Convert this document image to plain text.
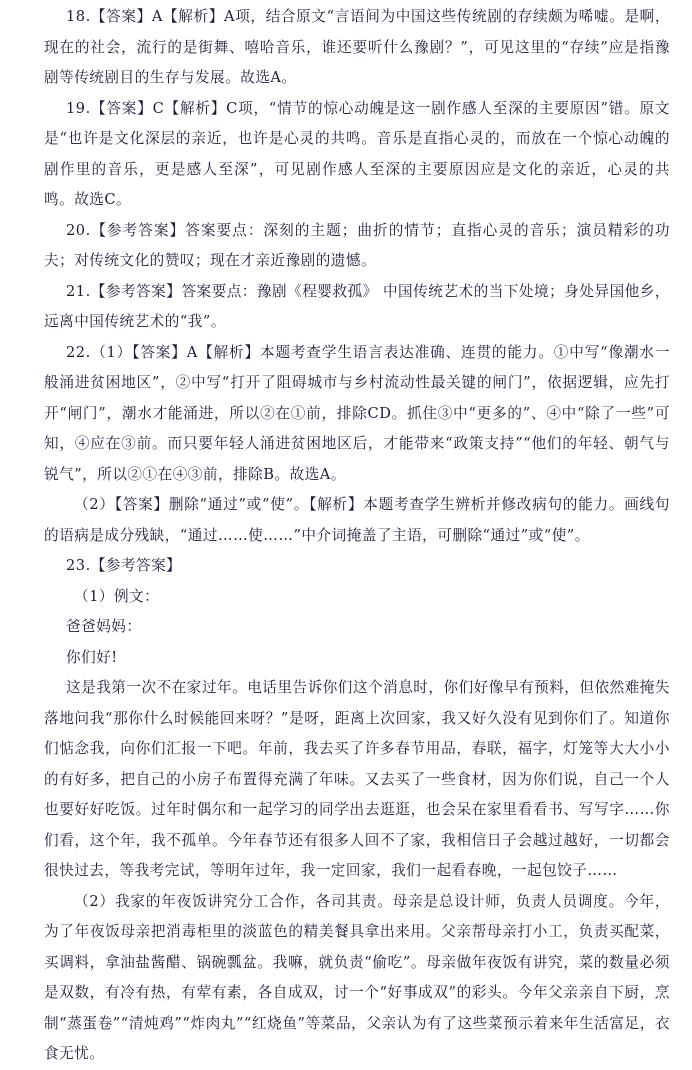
18.【答案】A【解析】A项，结合原文“言语间为中国这些传统剧的存续颇为唏嘘。是啊，现在的社会，流行的是街舞、嘻哈音乐，谁还要听什么豫剧？”，可见这里的“存续”应是指豫剧等传统剧目的生存与发展。故选A。

19.【答案】C【解析】C项，“情节的惊心动魄是这一剧作感人至深的主要原因”错。原文是“也许是文化深层的亲近，也许是心灵的共鸣。音乐是直指心灵的，而放在一个惊心动魄的剧作里的音乐，更是感人至深”，可见剧作感人至深的主要原因应是文化的亲近，心灵的共鸣。故选C。

20.【参考答案】答案要点：深刻的主题；曲折的情节；直指心灵的音乐；演员精彩的功夫；对传统文化的赞叹；现在才亲近豫剧的遗憾。

21.【参考答案】答案要点：豫剧《程婴救孤》 中国传统艺术的当下处境；身处异国他乡，远离中国传统艺术的“我”。

22.（1）【答案】A【解析】本题考查学生语言表达准确、连贯的能力。①中写“像潮水一般涌进贫困地区”，②中写“打开了阻碍城市与乡村流动性最关键的闸门”，依据逻辑，应先打开“闸门”，潮水才能涌进，所以②在①前，排除CD。抓住③中“更多的”、④中“除了一些”可知，④应在③前。而只要年轻人涌进贫困地区后，才能带来“政策支持”“他们的年轻、朝气与锐气”，所以②①在④③前，排除B。故选A。

（2）【答案】删除“通过”或“使”。【解析】本题考查学生辨析并修改病句的能力。画线句的语病是成分残缺，“通过……使……”中介词掩盖了主语，可删除“通过”或“使”。

23.【参考答案】

（1）例文：

爸爸妈妈：

你们好!

这是我第一次不在家过年。电话里告诉你们这个消息时，你们好像早有预料，但依然难掩失落地问我“那你什么时候能回来呀？”是呀，距离上次回家，我又好久没有见到你们了。知道你们惦念我，向你们汇报一下吧。年前，我去买了许多春节用品，春联，福字，灯笼等大大小小的有好多，把自己的小房子布置得充满了年味。又去买了一些食材，因为你们说，自己一个人也要好好吃饭。过年时偶尔和一起学习的同学出去逛逛，也会呆在家里看看书、写写字……你们看，这个年，我不孤单。今年春节还有很多人回不了家，我相信日子会越过越好，一切都会很快过去，等我考完试，等明年过年，我一定回家，我们一起看春晚，一起包饺子……

（2）我家的年夜饭讲究分工合作，各司其责。母亲是总设计师，负责人员调度。今年，为了年夜饭母亲把消毒柜里的淡蓝色的精美餐具拿出来用。父亲帮母亲打小工，负责买配菜，买调料，拿油盐酱醋、锅碗瓢盆。我嘛，就负责“偷吃”。母亲做年夜饭有讲究，菜的数量必须是双数，有冷有热，有荤有素，各自成双，讨一个“好事成双”的彩头。今年父亲亲自下厨，烹制“蒸蛋卷”“清炖鸡”“炸肉丸”“红烧鱼”等菜品，父亲认为有了这些菜预示着来年生活富足，衣食无忧。
